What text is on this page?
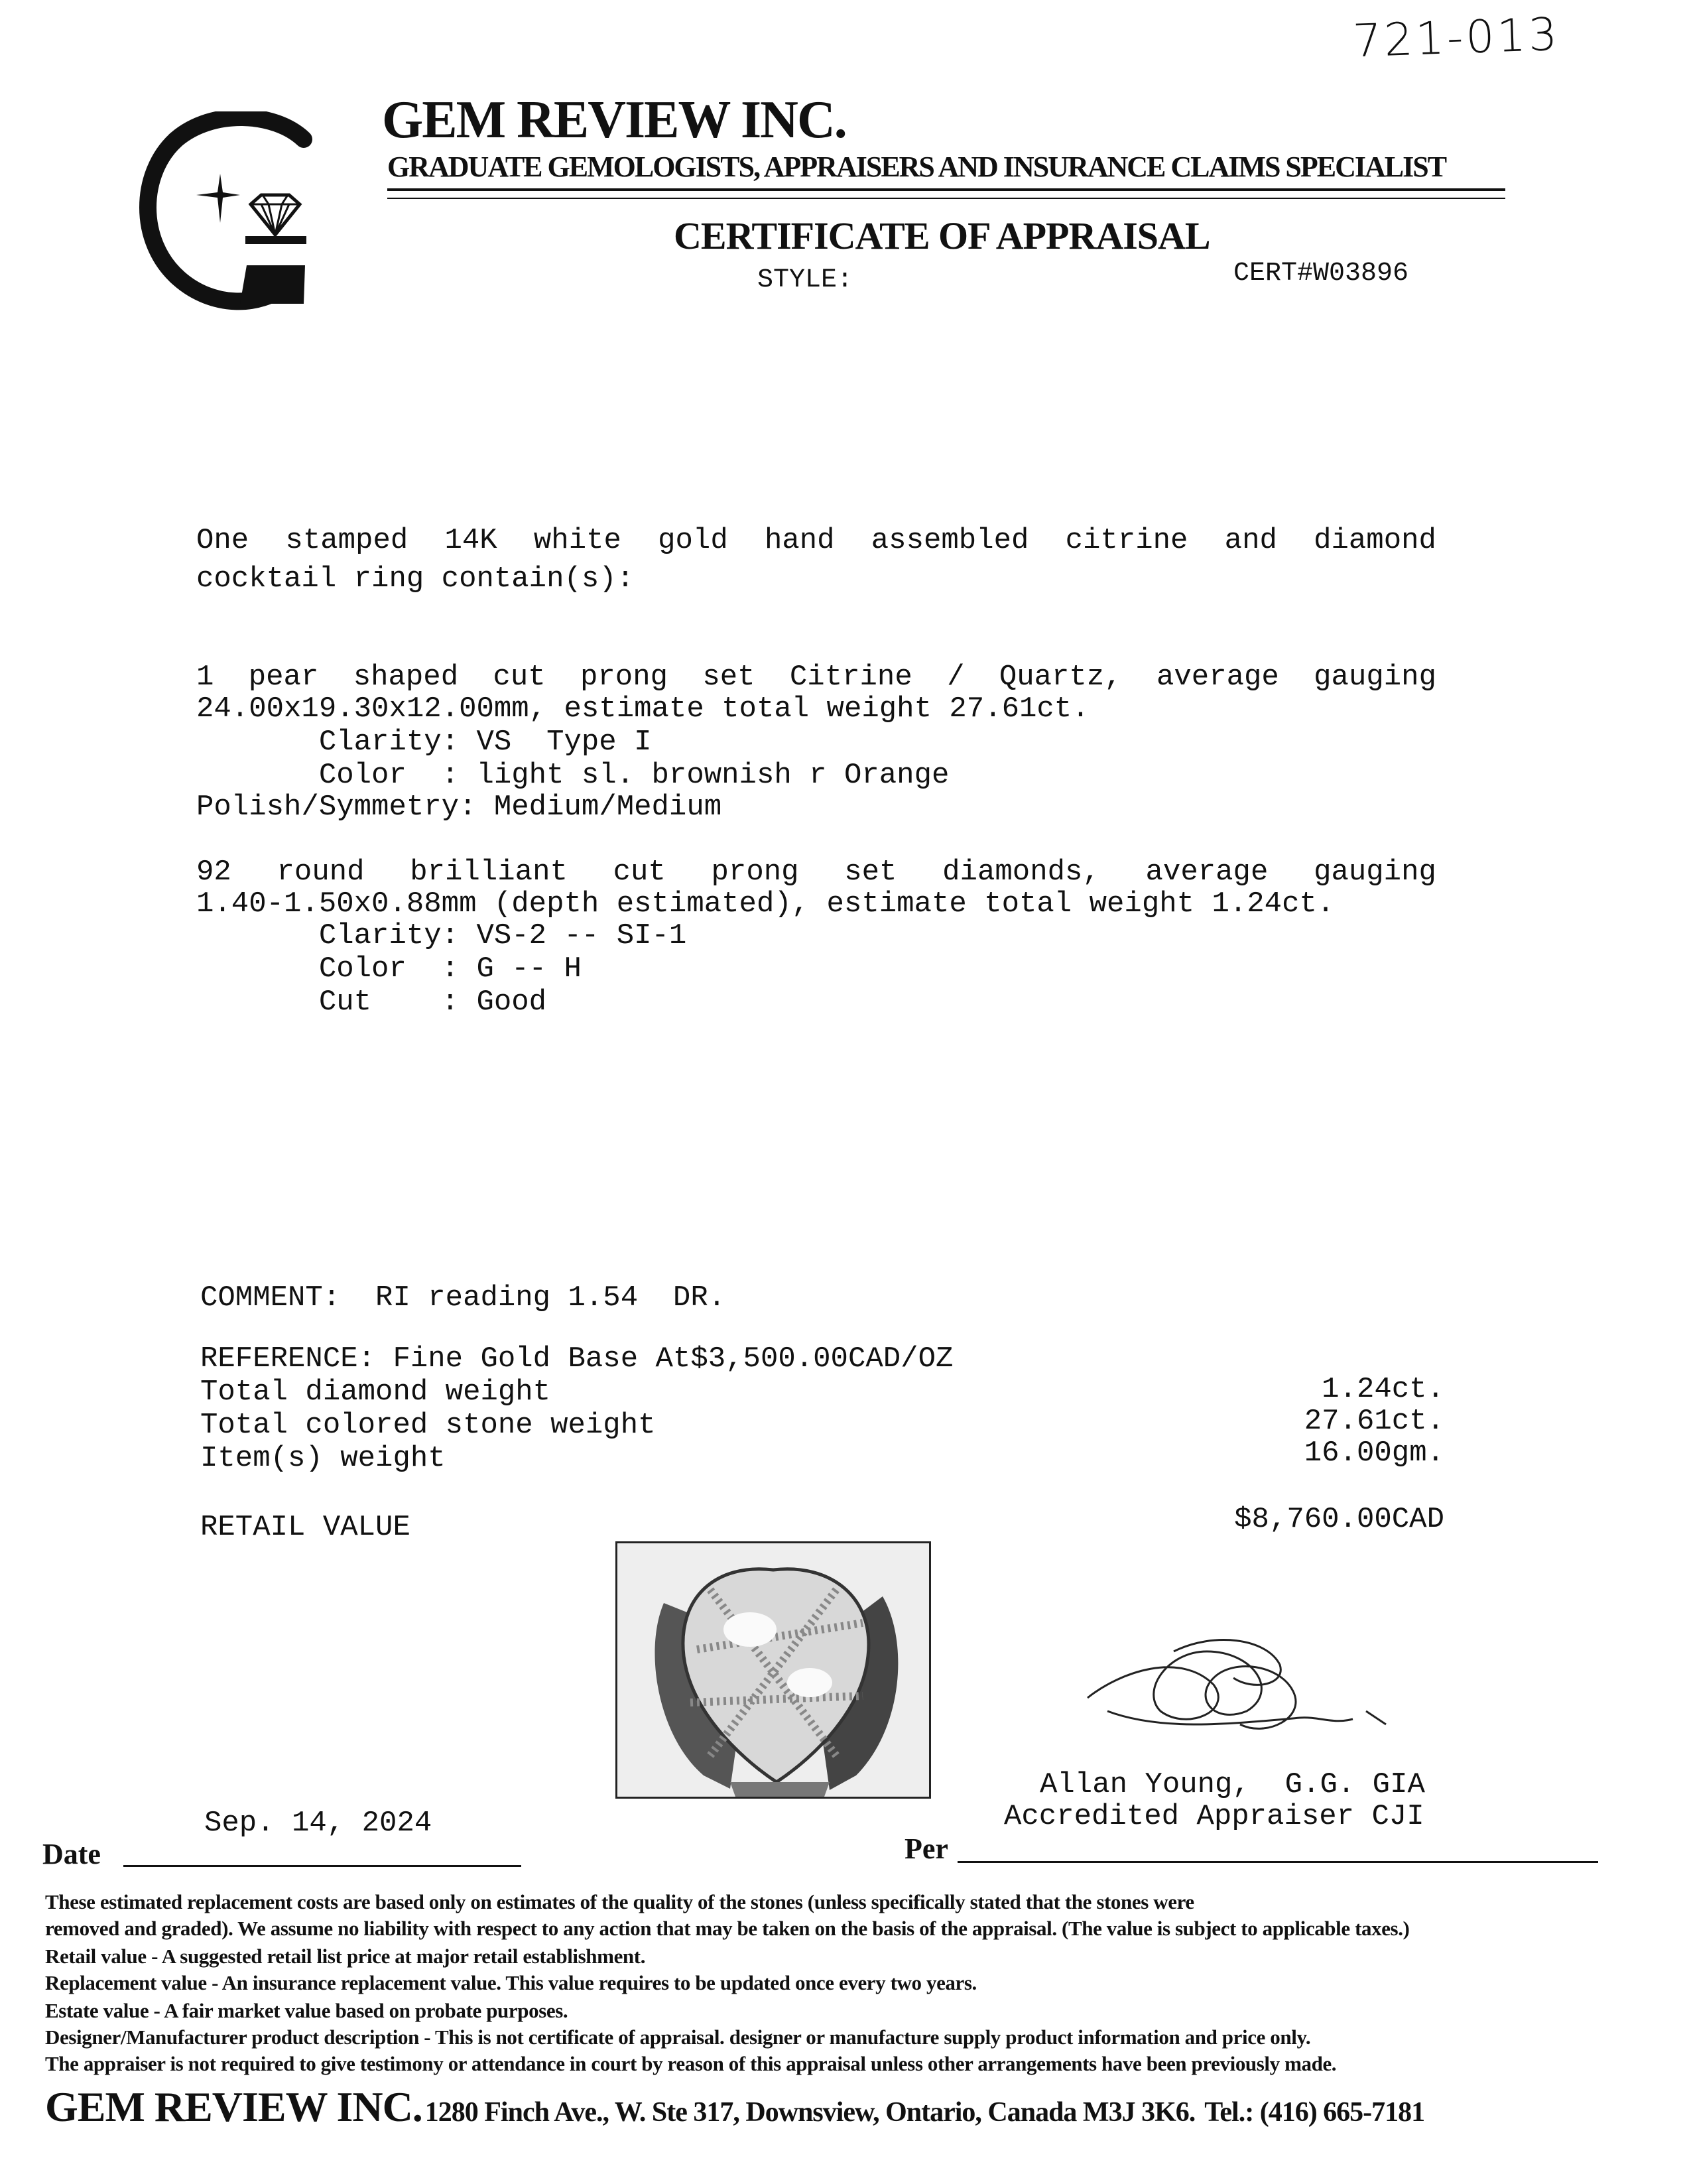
721-013
GEM REVIEW INC.
GRADUATE GEMOLOGISTS, APPRAISERS AND INSURANCE CLAIMS SPECIALIST
CERTIFICATE OF APPRAISAL
STYLE:	CERT#W03896
One stamped 14K white gold hand assembled citrine and diamond
cocktail ring contain(s):
1 pear shaped cut prong set Citrine / Quartz, average gauging
24.00x19.30x12.00mm, estimate total weight 27.61ct.
Clarity: VS  Type I
Color  : light sl. brownish r Orange
Polish/Symmetry: Medium/Medium
92 round brilliant cut prong set diamonds, average gauging
1.40-1.50x0.88mm (depth estimated), estimate total weight 1.24ct.
Clarity: VS-2 -- SI-1
Color  : G -- H
Cut    : Good
COMMENT:  RI reading 1.54  DR.
REFERENCE: Fine Gold Base At$3,500.00CAD/OZ
Total diamond weight	1.24ct.
Total colored stone weight	27.61ct.
Item(s) weight	16.00gm.
RETAIL VALUE	$8,760.00CAD
Allan Young,  G.G. GIA
Accredited Appraiser CJI
Sep. 14, 2024
Date	Per
These estimated replacement costs are based only on estimates of the quality of the stones (unless specifically stated that the stones were
removed and graded). We assume no liability with respect to any action that may be taken on the basis of the appraisal. (The value is subject to applicable taxes.)
Retail value - A suggested retail list price at major retail establishment.
Replacement value - An insurance replacement value. This value requires to be updated once every two years.
Estate value - A fair market value based on probate purposes.
Designer/Manufacturer product description - This is not certificate of appraisal. designer or manufacture supply product information and price only.
The appraiser is not required to give testimony or attendance in court by reason of this appraisal unless other arrangements have been previously made.
GEM REVIEW INC. 1280 Finch Ave., W. Ste 317, Downsview, Ontario, Canada M3J 3K6. Tel.: (416) 665-7181
